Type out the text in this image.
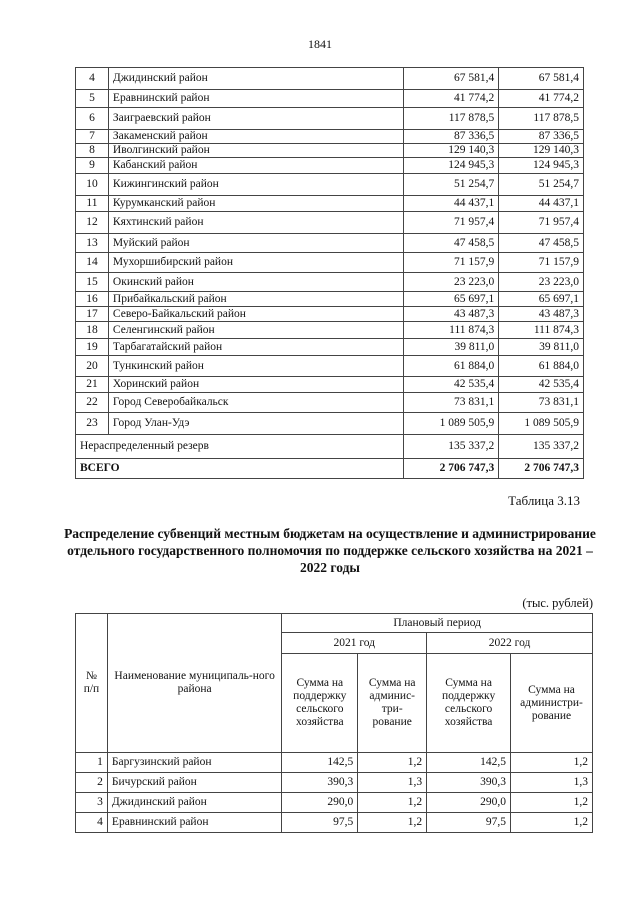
1841
4	Джидинский район	67 581,4	67 581,4
5	Еравнинский район	41 774,2	41 774,2
6	Заиграевский район	117 878,5	117 878,5
7	Закаменский район	87 336,5	87 336,5
8	Иволгинский район	129 140,3	129 140,3
9	Кабанский район	124 945,3	124 945,3
10	Кижингинский район	51 254,7	51 254,7
11	Курумканский район	44 437,1	44 437,1
12	Кяхтинский район	71 957,4	71 957,4
13	Муйский район	47 458,5	47 458,5
14	Мухоршибирский район	71 157,9	71 157,9
15	Окинский район	23 223,0	23 223,0
16	Прибайкальский район	65 697,1	65 697,1
17	Северо-Байкальский район	43 487,3	43 487,3
18	Селенгинский район	111 874,3	111 874,3
19	Тарбагатайский район	39 811,0	39 811,0
20	Тункинский район	61 884,0	61 884,0
21	Хоринский район	42 535,4	42 535,4
22	Город Северобайкальск	73 831,1	73 831,1
23	Город Улан-Удэ	1 089 505,9	1 089 505,9
Нераспределенный резерв		135 337,2	135 337,2
ВСЕГО		2 706 747,3	2 706 747,3
Таблица 3.13
Распределение субвенций местным бюджетам на осуществление и администрирование отдельного государственного полномочия по поддержке сельского хозяйства на 2021 – 2022 годы
(тыс. рублей)
№ п/п	Наименование муниципаль-ного района	Плановый период			
		2021 год		2022 год	
		Сумма на поддержку сельского хозяйства	Сумма на админис-три-рование	Сумма на поддержку сельского хозяйства	Сумма на администри-рование
1	Баргузинский район	142,5	1,2	142,5	1,2
2	Бичурский район	390,3	1,3	390,3	1,3
3	Джидинский район	290,0	1,2	290,0	1,2
4	Еравнинский район	97,5	1,2	97,5	1,2
